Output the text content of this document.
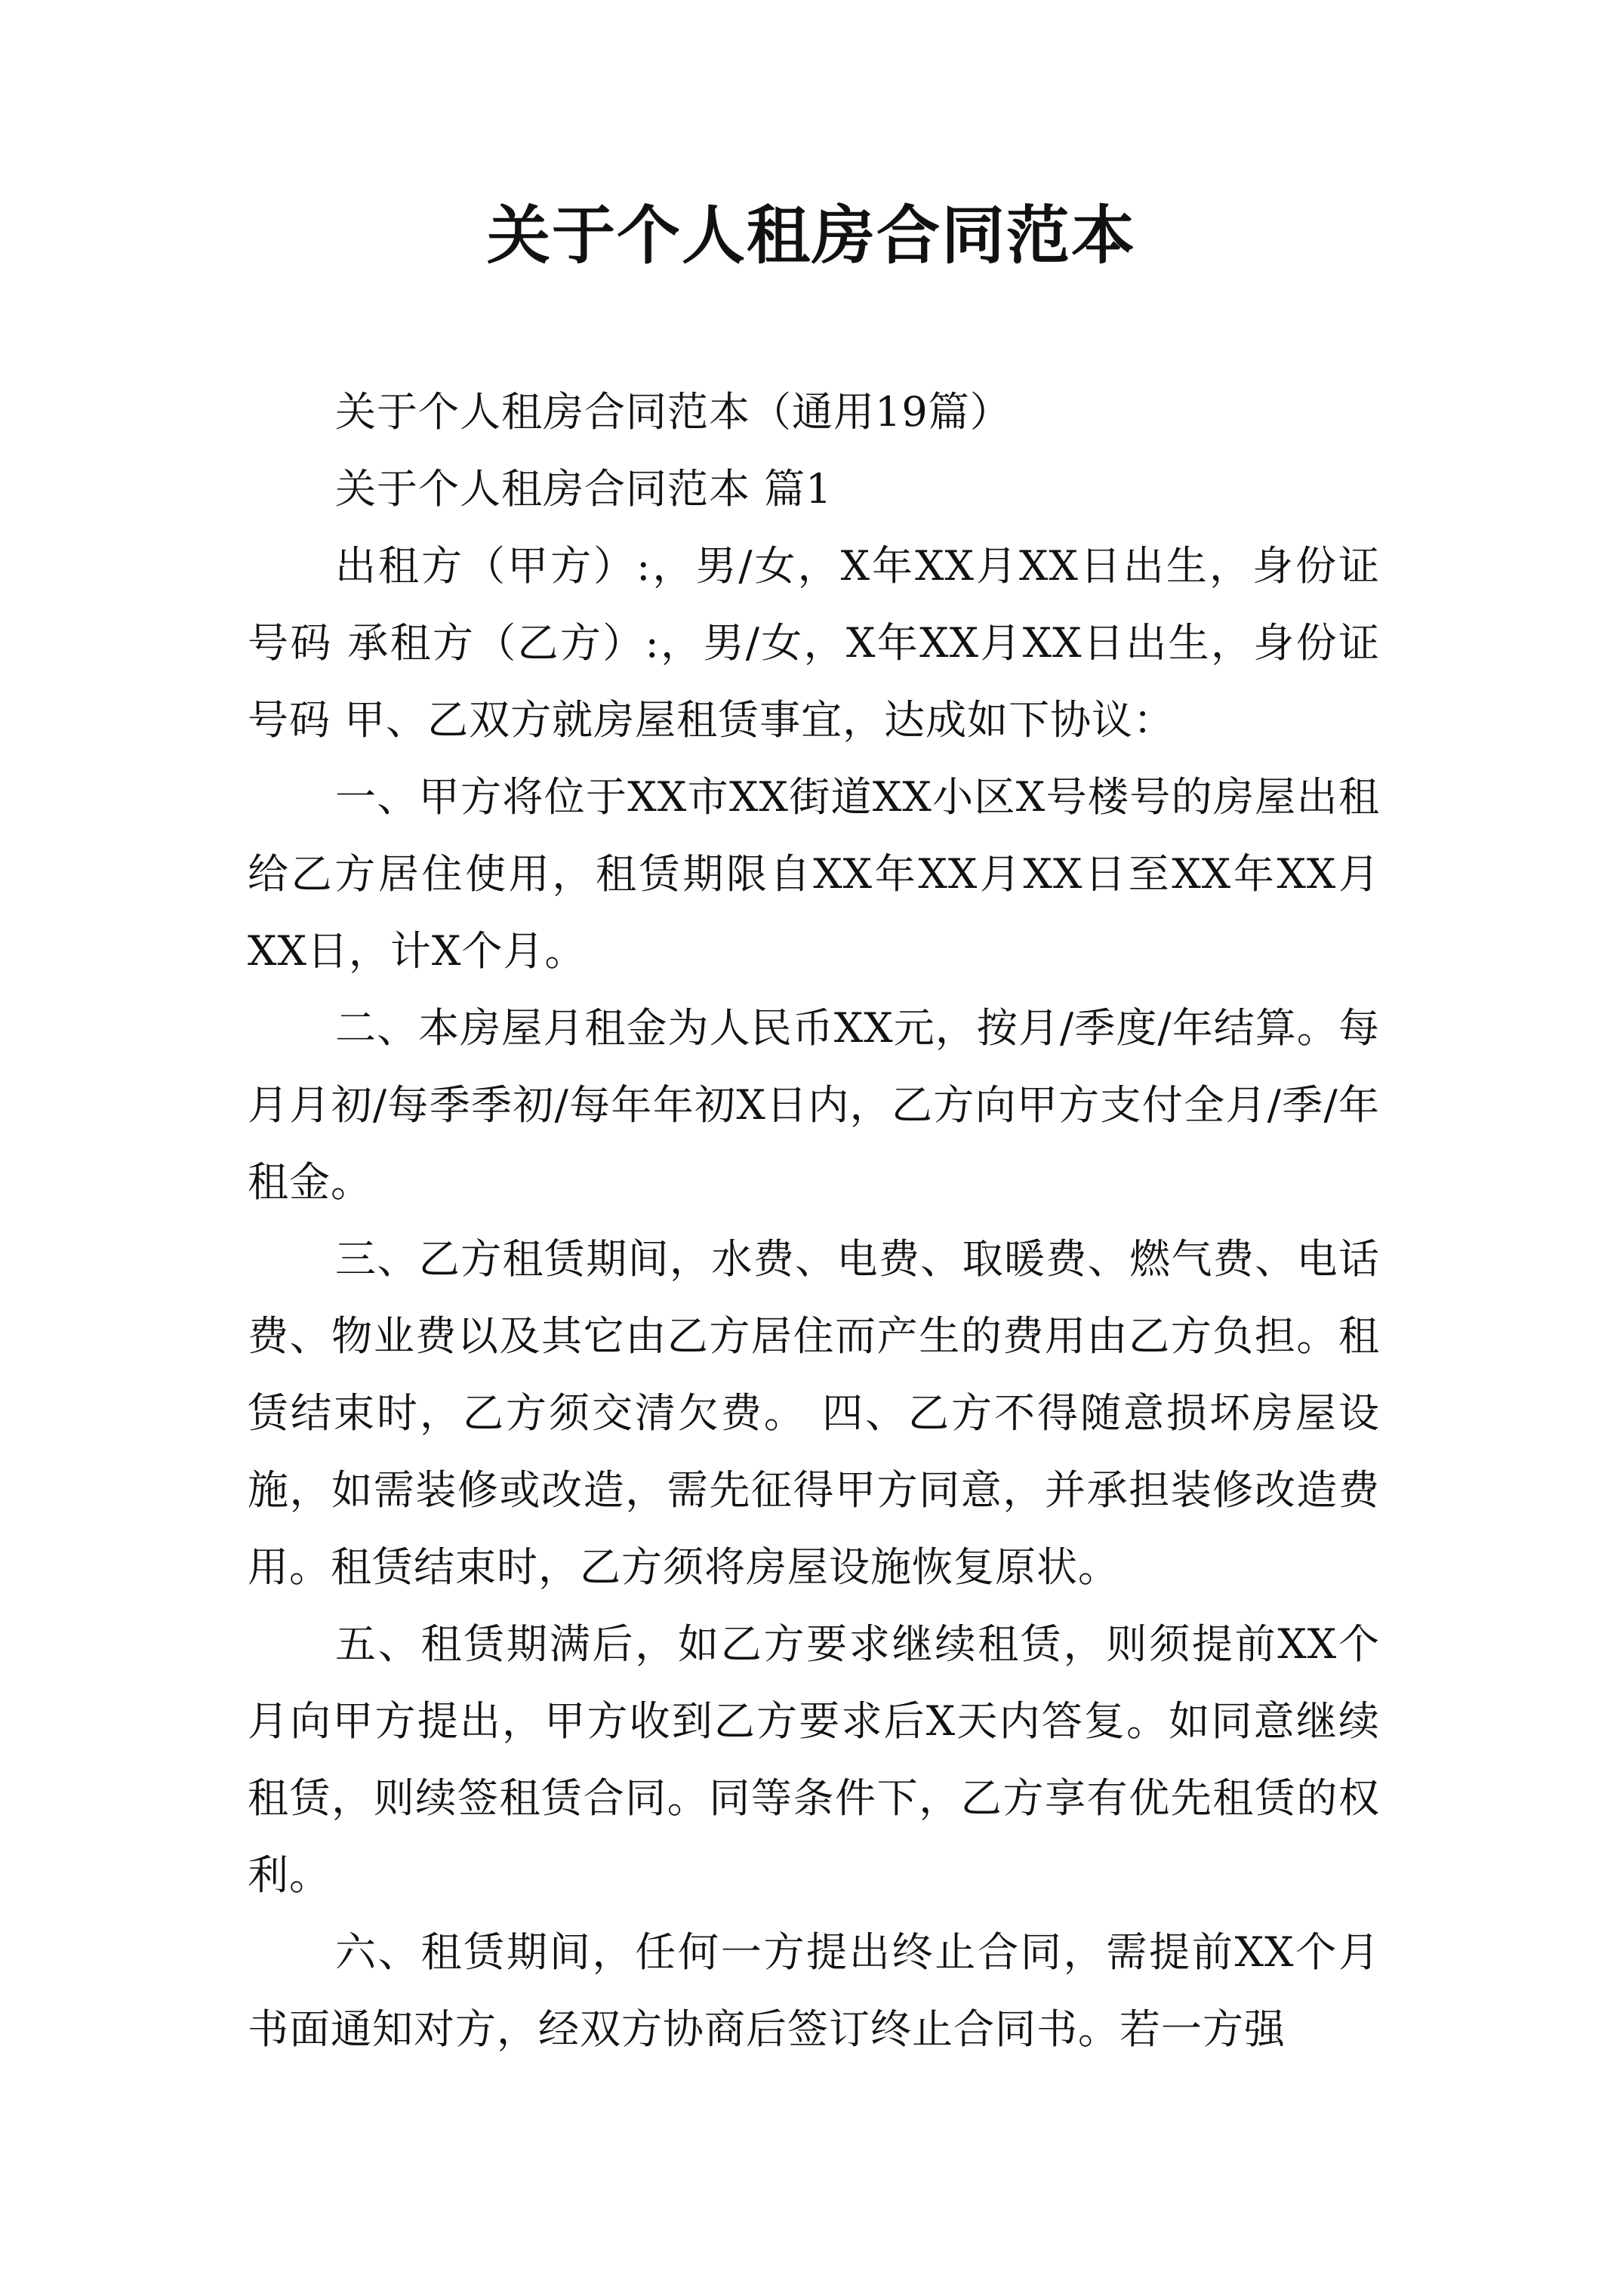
关于个人租房合同范本

关于个人租房合同范本（通用19篇）

关于个人租房合同范本 篇1

出租方（甲方）:，男/女，X年XX月XX日出生，身份证号码 承租方（乙方）:，男/女，X年XX月XX日出生，身份证号码 甲、乙双方就房屋租赁事宜，达成如下协议：

一、甲方将位于XX市XX街道XX小区X号楼号的房屋出租给乙方居住使用，租赁期限自XX年XX月XX日至XX年XX月XX日，计X个月。

二、本房屋月租金为人民币XX元，按月/季度/年结算。每月月初/每季季初/每年年初X日内，乙方向甲方支付全月/季/年租金。

三、乙方租赁期间，水费、电费、取暖费、燃气费、电话费、物业费以及其它由乙方居住而产生的费用由乙方负担。租赁结束时，乙方须交清欠费。 四、乙方不得随意损坏房屋设施，如需装修或改造，需先征得甲方同意，并承担装修改造费用。租赁结束时，乙方须将房屋设施恢复原状。

五、租赁期满后，如乙方要求继续租赁，则须提前XX个月向甲方提出，甲方收到乙方要求后X天内答复。如同意继续租赁，则续签租赁合同。同等条件下，乙方享有优先租赁的权利。

六、租赁期间，任何一方提出终止合同，需提前XX个月书面通知对方，经双方协商后签订终止合同书。若一方强
